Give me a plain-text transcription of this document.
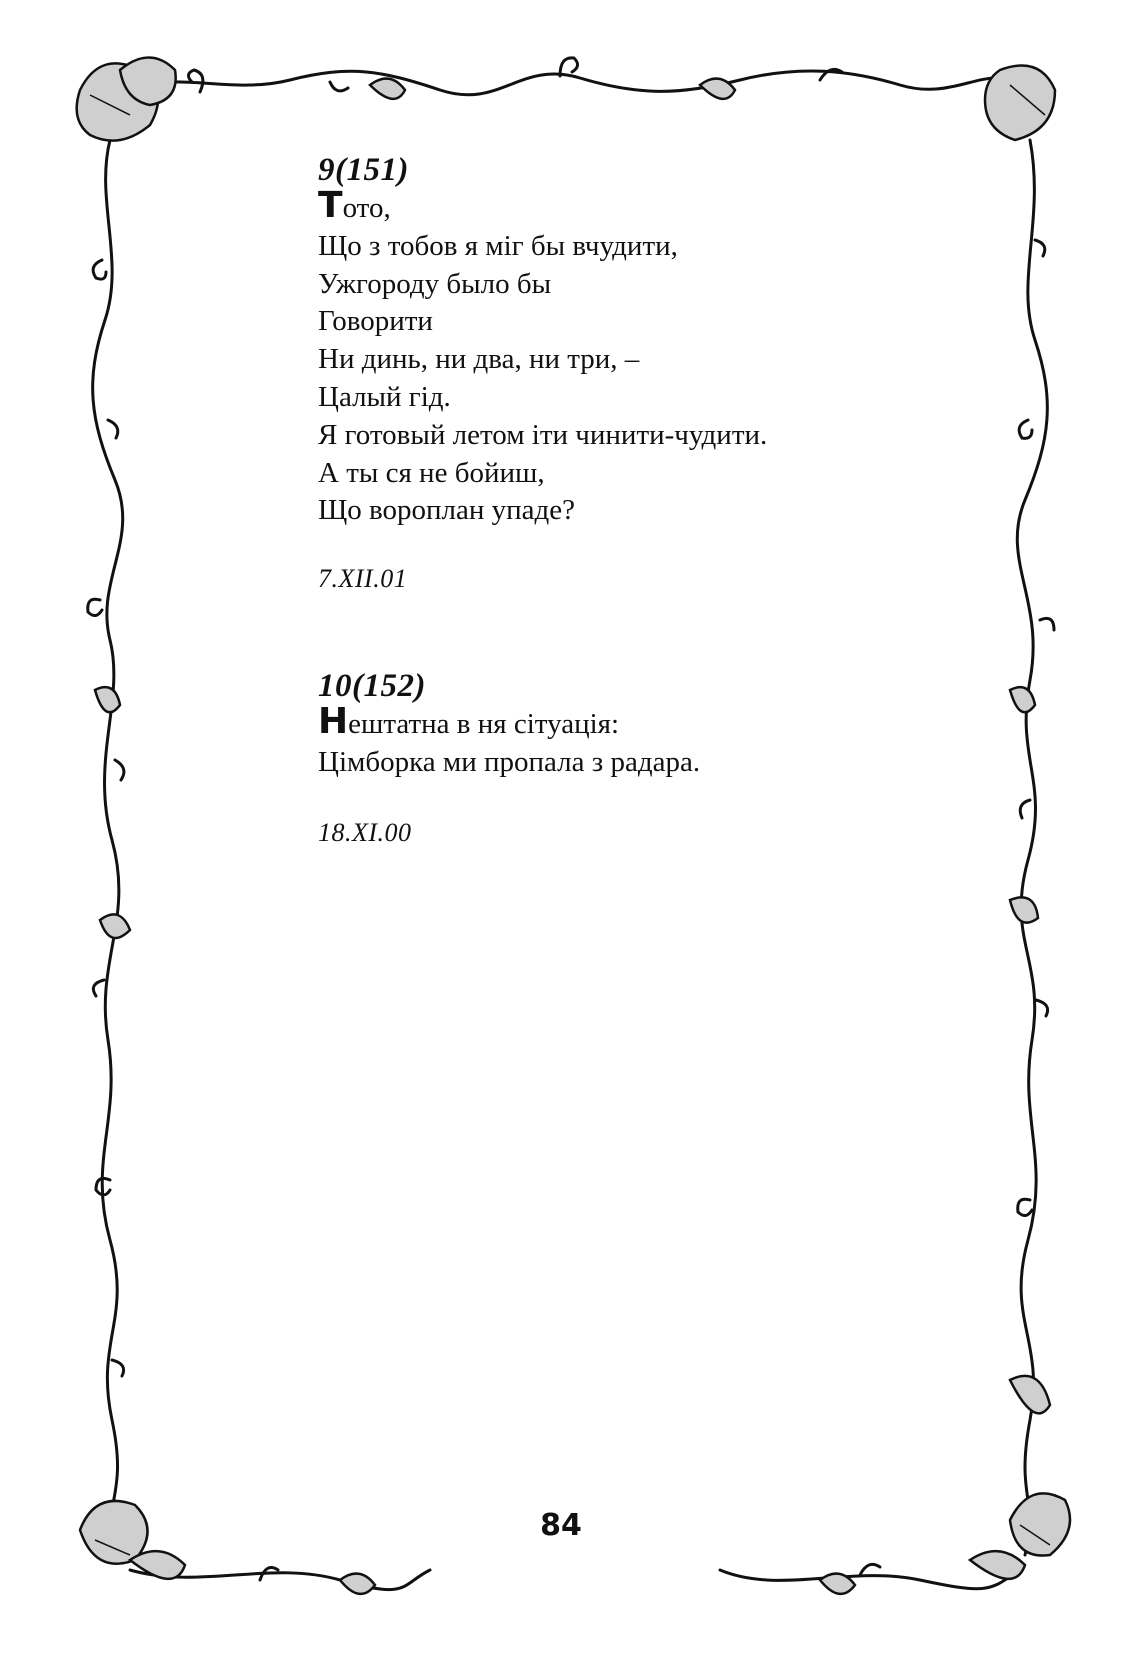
9(151)
Тото,
Що з тобов я міг бы вчудити,
Ужгороду было бы
Говорити
Ни динь, ни два, ни три, –
Цалый гід.
Я готовый летом іти чинити-чудити.
А ты ся не бойиш,
Що вороплан упаде?
7.XII.01
10(152)
Нештатна в ня сітуація:
Цімборка ми пропала з радара.
18.XI.00
84
